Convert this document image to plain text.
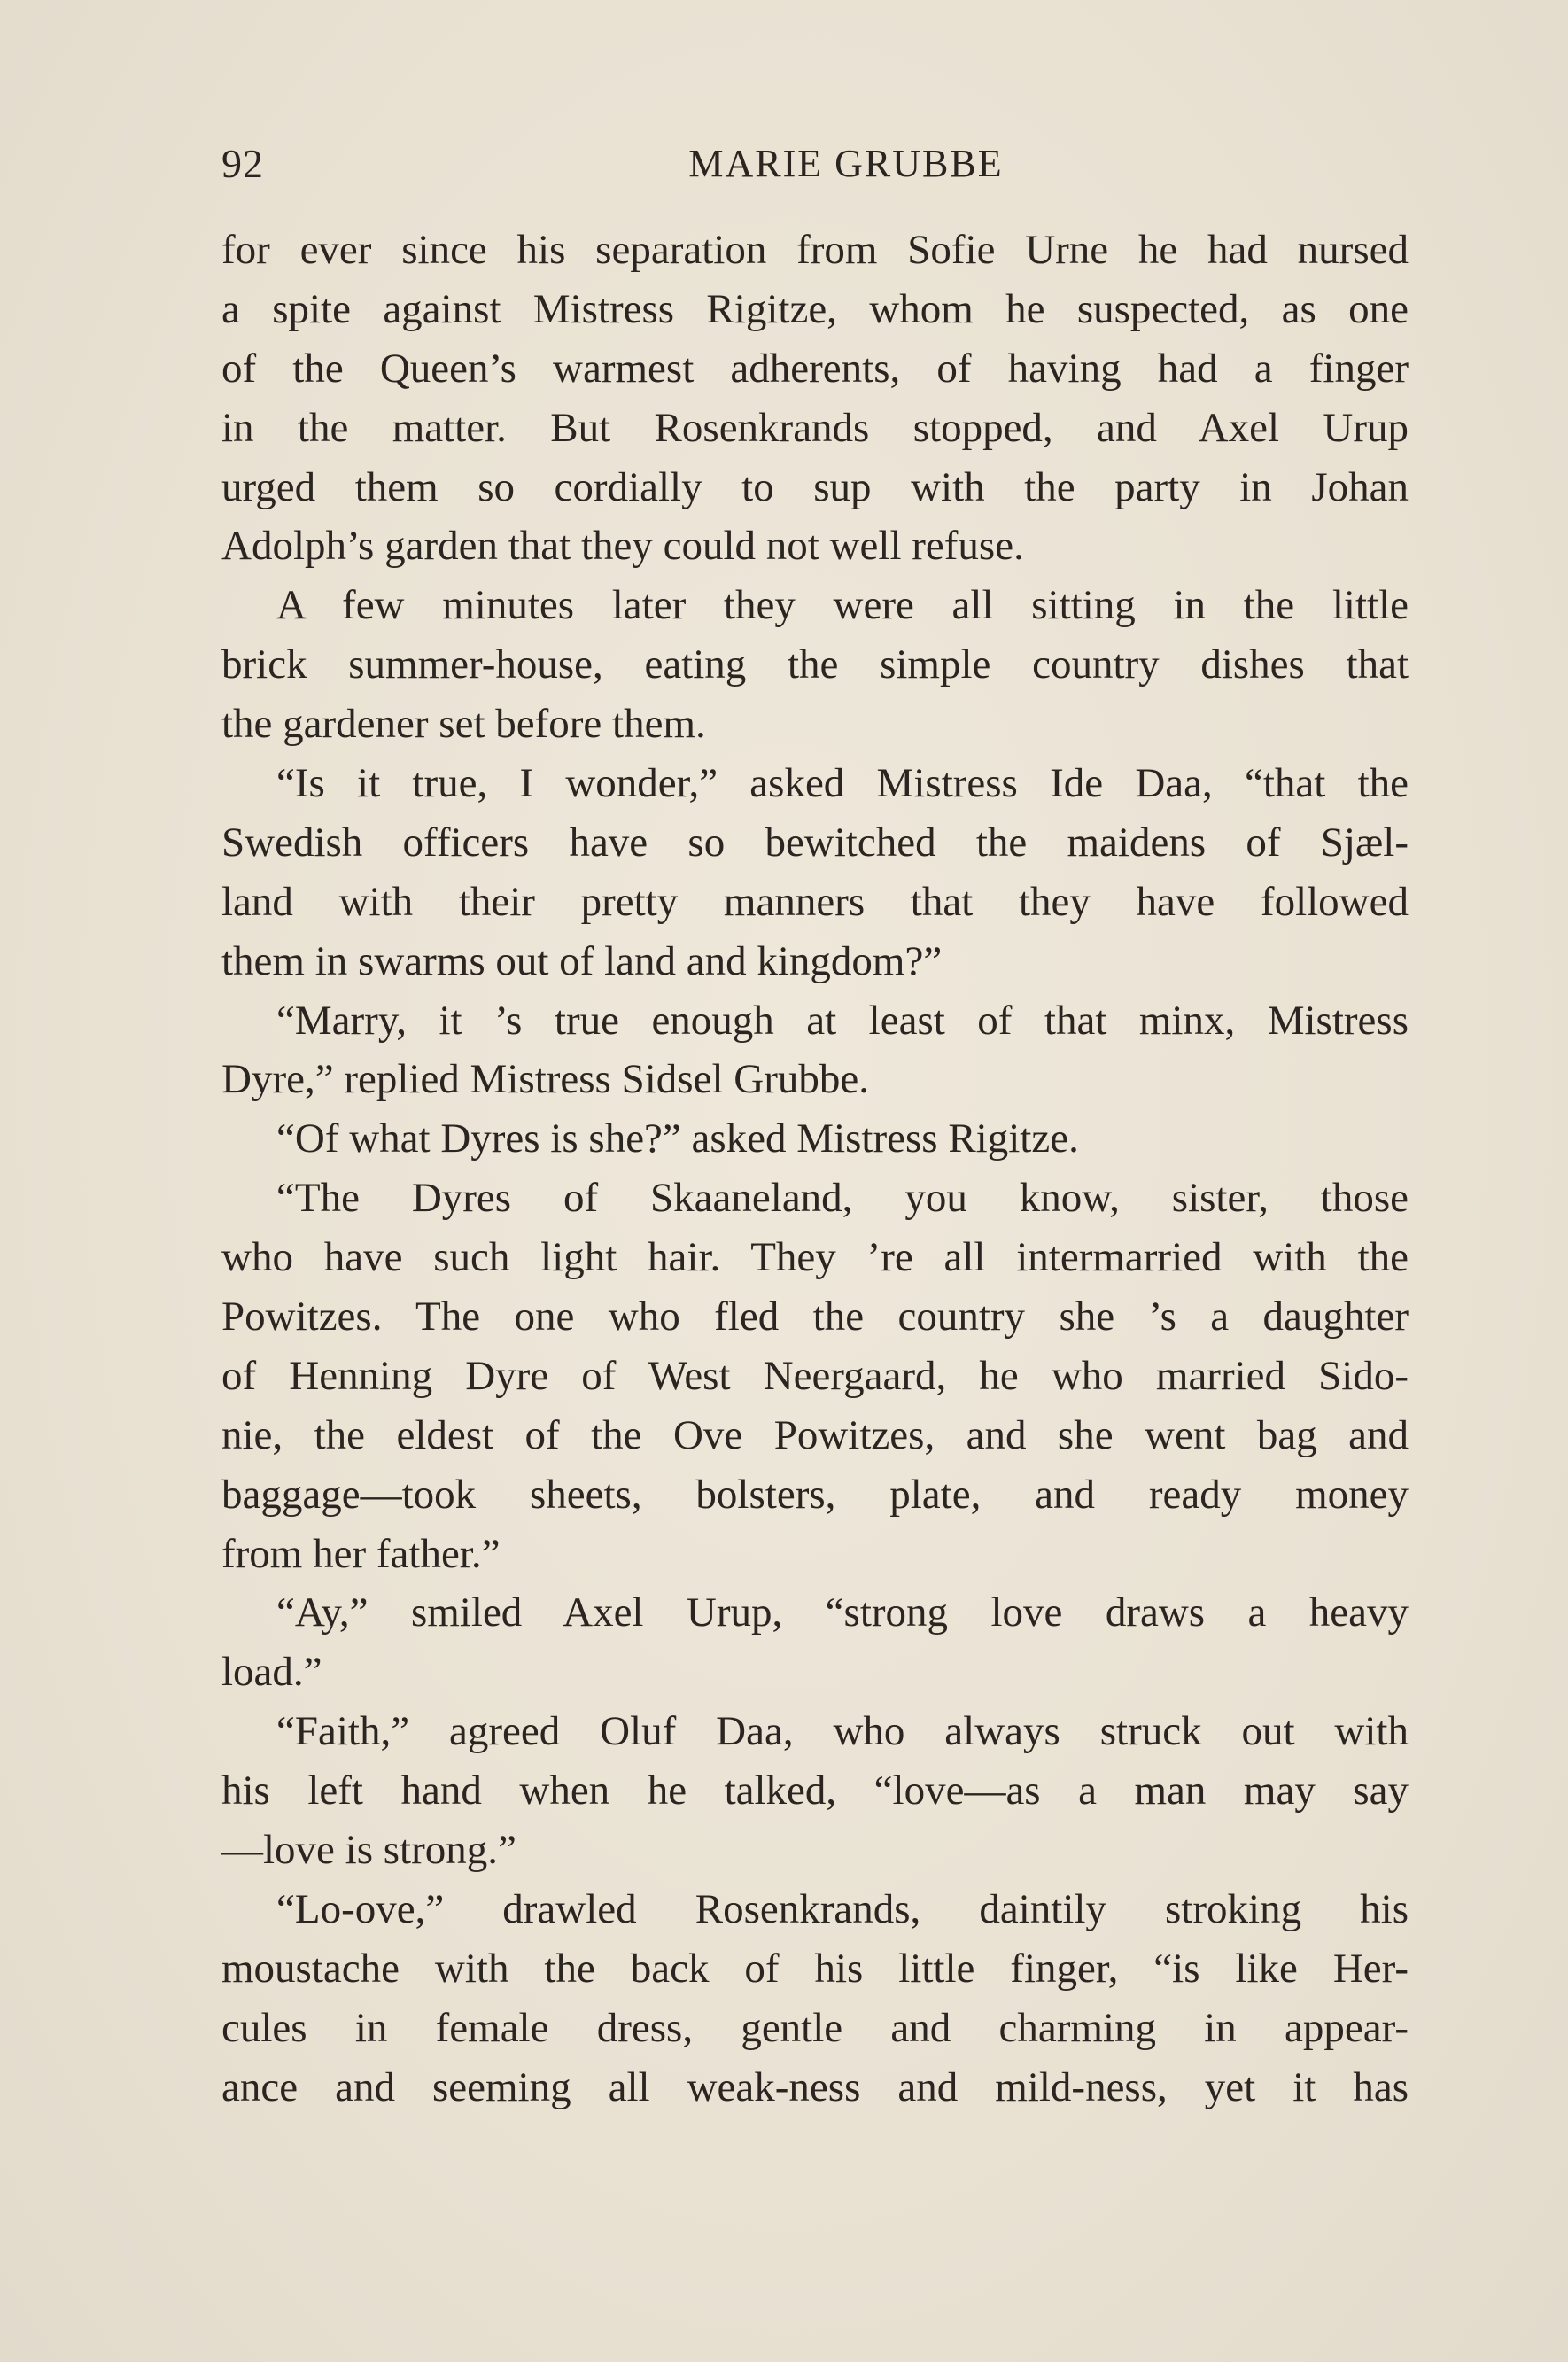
92	MARIE GRUBBE
for ever since his separation from Sofie Urne he had nursed
a spite against Mistress Rigitze, whom he suspected, as one
of the Queen’s warmest adherents, of having had a finger
in the matter. But Rosenkrands stopped, and Axel Urup
urged them so cordially to sup with the party in Johan
Adolph’s garden that they could not well refuse.
A few minutes later they were all sitting in the little
brick summer-house, eating the simple country dishes that
the gardener set before them.
“Is it true, I wonder,” asked Mistress Ide Daa, “that the
Swedish officers have so bewitched the maidens of Sjæl-
land with their pretty manners that they have followed
them in swarms out of land and kingdom?”
“Marry, it ’s true enough at least of that minx, Mistress
Dyre,” replied Mistress Sidsel Grubbe.
“Of what Dyres is she?” asked Mistress Rigitze.
“The Dyres of Skaaneland, you know, sister, those
who have such light hair. They ’re all intermarried with the
Powitzes. The one who fled the country she ’s a daughter
of Henning Dyre of West Neergaard, he who married Sido-
nie, the eldest of the Ove Powitzes, and she went bag and
baggage—took sheets, bolsters, plate, and ready money
from her father.”
“Ay,” smiled Axel Urup, “strong love draws a heavy
load.”
“Faith,” agreed Oluf Daa, who always struck out with
his left hand when he talked, “love—as a man may say
—love is strong.”
“Lo-ove,” drawled Rosenkrands, daintily stroking his
moustache with the back of his little finger, “is like Her-
cules in female dress, gentle and charming in appear-
ance and seeming all weak-ness and mild-ness, yet it has
